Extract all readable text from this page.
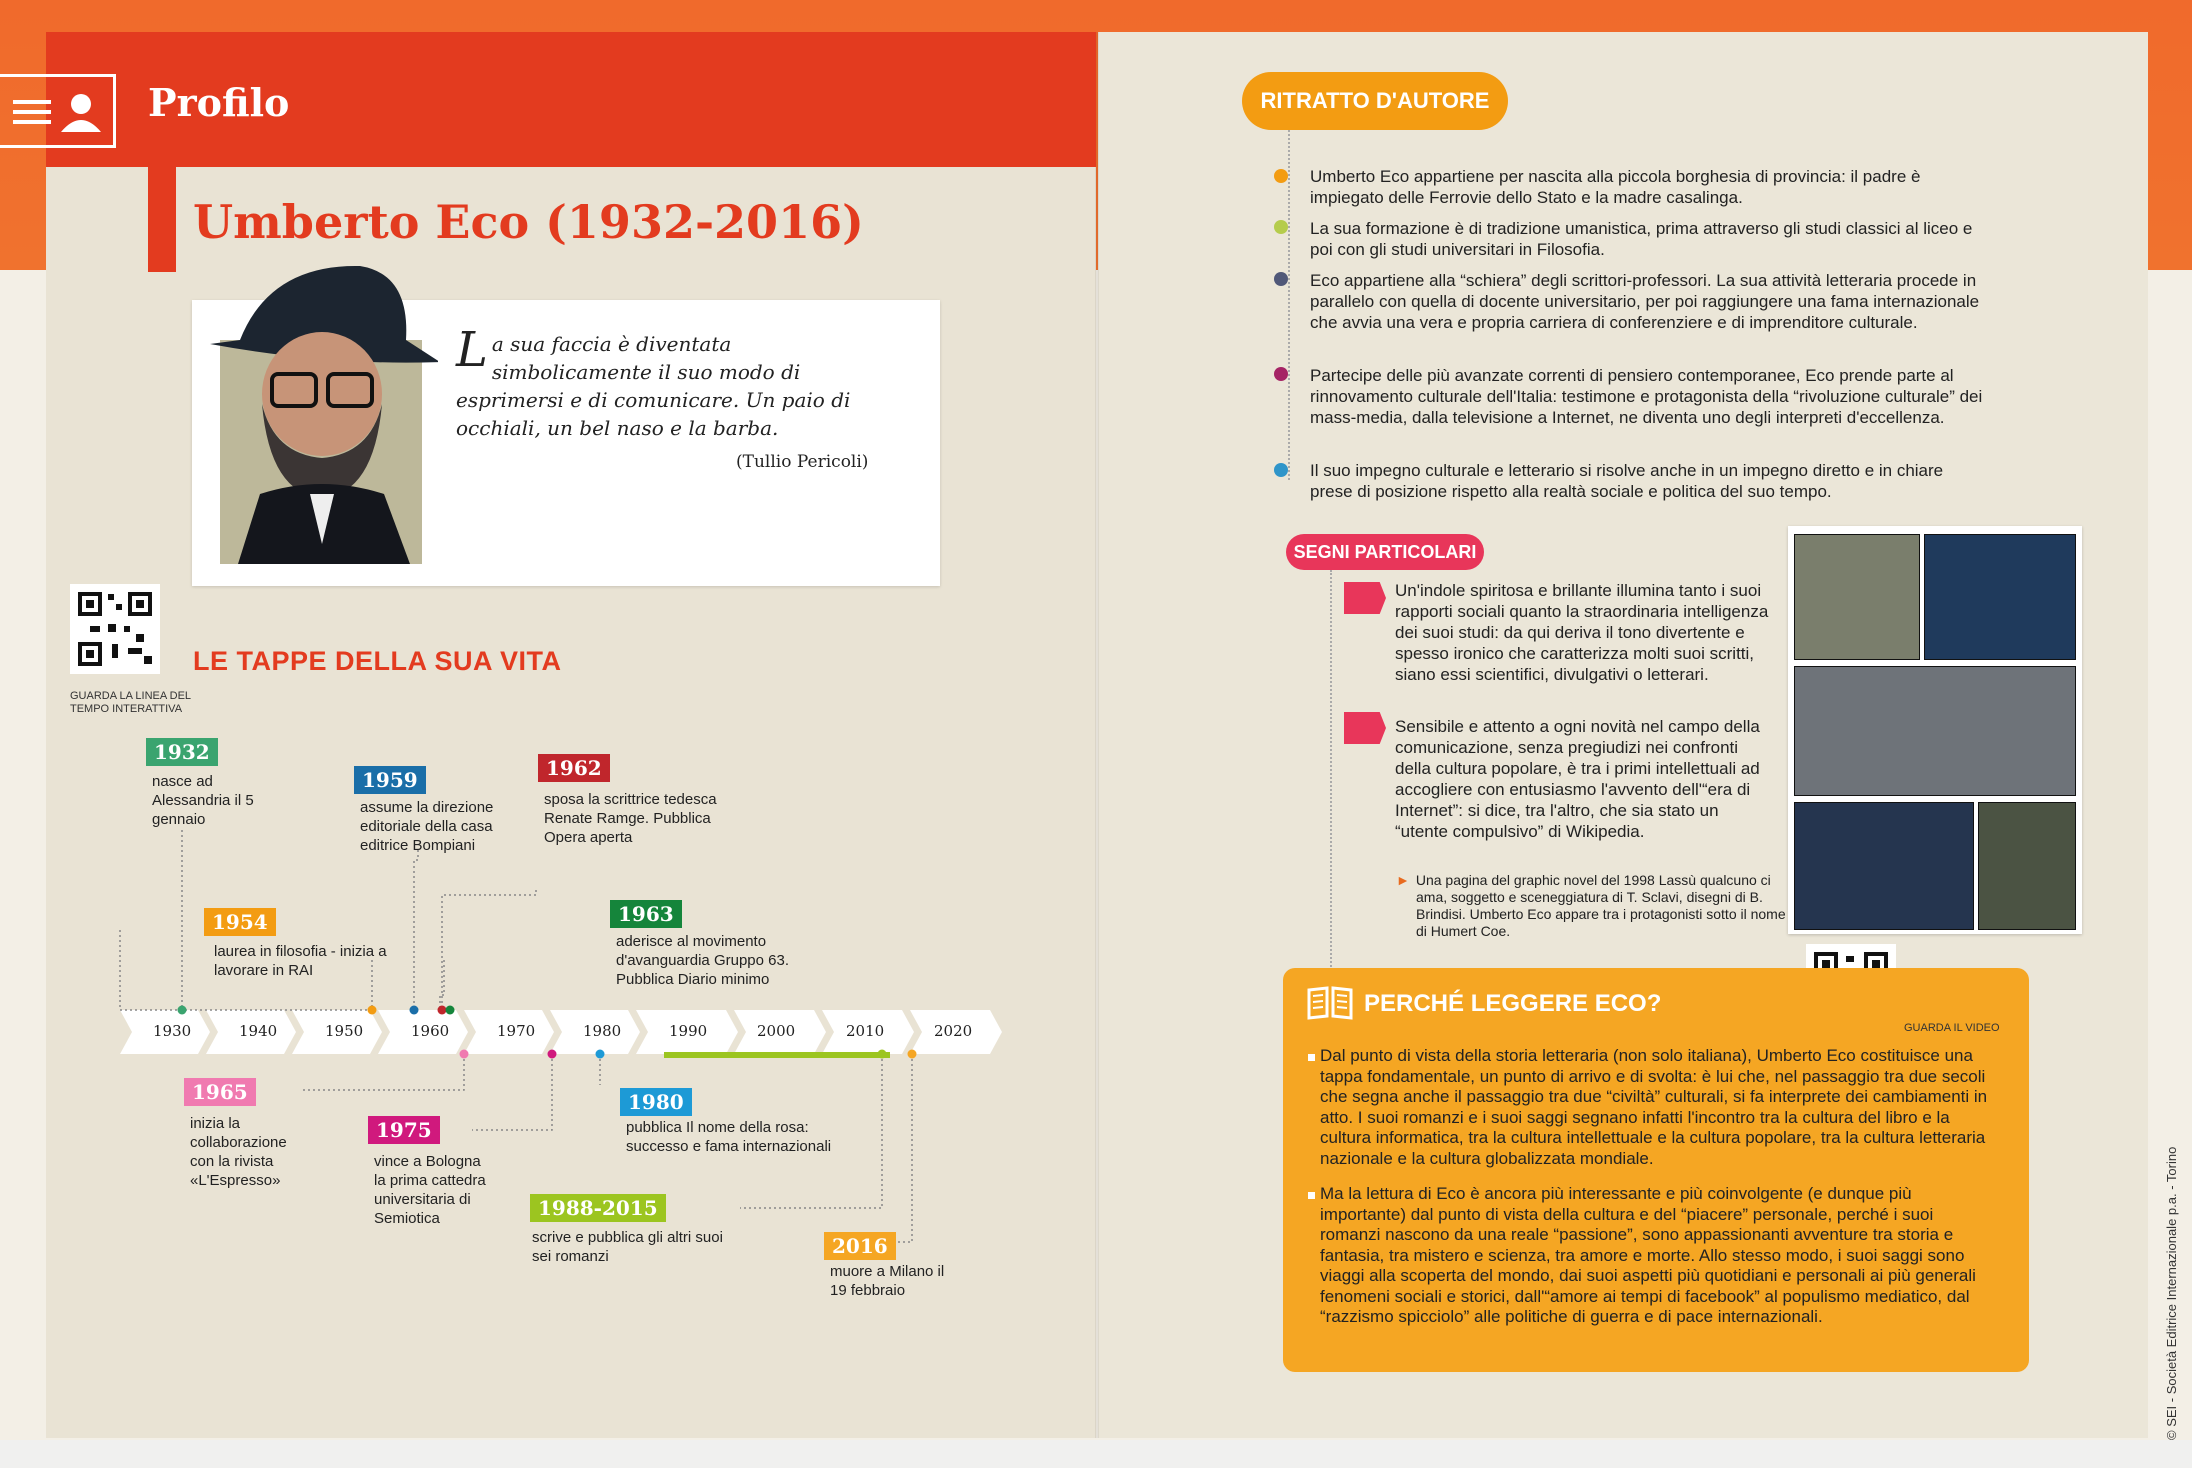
Profilo
Umberto Eco (1932-2016)
La sua faccia è diventata simbolicamente il suo modo di esprimersi e di comunicare. Un paio di occhiali, un bel naso e la barba.
(Tullio Pericoli)
GUARDA LA LINEA DEL TEMPO INTERATTIVA
LE TAPPE DELLA SUA VITA
1930	1940	1950	1960	1970	1980	1990	2000	2010	2020
1932
nasce ad Alessandria il 5 gennaio
1954
laurea in filosofia - inizia a lavorare in RAI
1959
assume la direzione editoriale della casa editrice Bompiani
1962
sposa la scrittrice tedesca Renate Ramge. Pubblica Opera aperta
1963
aderisce al movimento d'avanguardia Gruppo 63. Pubblica Diario minimo
1965
inizia la collaborazione con la rivista «L'Espresso»
1975
vince a Bologna la prima cattedra universitaria di Semiotica
1980
pubblica Il nome della rosa: successo e fama internazionali
1988-2015
scrive e pubblica gli altri suoi sei romanzi	2016
muore a Milano il 19 febbraio
RITRATTO D'AUTORE
Umberto Eco appartiene per nascita alla piccola borghesia di provincia: il padre è impiegato delle Ferrovie dello Stato e la madre casalinga.
La sua formazione è di tradizione umanistica, prima attraverso gli studi classici al liceo e poi con gli studi universitari in Filosofia.
Eco appartiene alla “schiera” degli scrittori-professori. La sua attività letteraria procede in parallelo con quella di docente universitario, per poi raggiungere una fama internazionale che avvia una vera e propria carriera di conferenziere e di imprenditore culturale.
Partecipe delle più avanzate correnti di pensiero contemporanee, Eco prende parte al rinnovamento culturale dell'Italia: testimone e protagonista della “rivoluzione culturale” dei mass-media, dalla televisione a Internet, ne diventa uno degli interpreti d'eccellenza.
Il suo impegno culturale e letterario si risolve anche in un impegno diretto e in chiare prese di posizione rispetto alla realtà sociale e politica del suo tempo.
SEGNI PARTICOLARI
Un'indole spiritosa e brillante illumina tanto i suoi rapporti sociali quanto la straordinaria intelligenza dei suoi studi: da qui deriva il tono divertente e spesso ironico che caratterizza molti suoi scritti, siano essi scientifici, divulgativi o letterari.
Sensibile e attento a ogni novità nel campo della comunicazione, senza pregiudizi nei confronti della cultura popolare, è tra i primi intellettuali ad accogliere con entusiasmo l'avvento dell'“era di Internet”: si dice, tra l'altro, che sia stato un “utente compulsivo” di Wikipedia.
► Una pagina del graphic novel del 1998 Lassù qualcuno ci ama, soggetto e sceneggiatura di T. Sclavi, disegni di B. Brindisi. Umberto Eco appare tra i protagonisti sotto il nome di Humert Coe.
PERCHÉ LEGGERE ECO?
GUARDA IL VIDEO
Dal punto di vista della storia letteraria (non solo italiana), Umberto Eco costituisce una tappa fondamentale, un punto di arrivo e di svolta: è lui che, nel passaggio tra due secoli che segna anche il passaggio tra due “civiltà” culturali, si fa interprete dei cambiamenti in atto. I suoi romanzi e i suoi saggi segnano infatti l'incontro tra la cultura del libro e la cultura informatica, tra la cultura intellettuale e la cultura popolare, tra la cultura letteraria nazionale e la cultura globalizzata mondiale.
Ma la lettura di Eco è ancora più interessante e più coinvolgente (e dunque più importante) dal punto di vista della cultura e del “piacere” personale, perché i suoi romanzi nascono da una reale “passione”, sono appassionanti avventure tra storia e fantasia, tra mistero e scienza, tra amore e morte. Allo stesso modo, i suoi saggi sono viaggi alla scoperta del mondo, dai suoi aspetti più quotidiani e personali ai più generali fenomeni sociali e storici, dall'“amore ai tempi di facebook” al populismo mediatico, dal “razzismo spicciolo” alle politiche di guerra e di pace internazionali.	© SEI - Società Editrice Internazionale p.a. - Torino
